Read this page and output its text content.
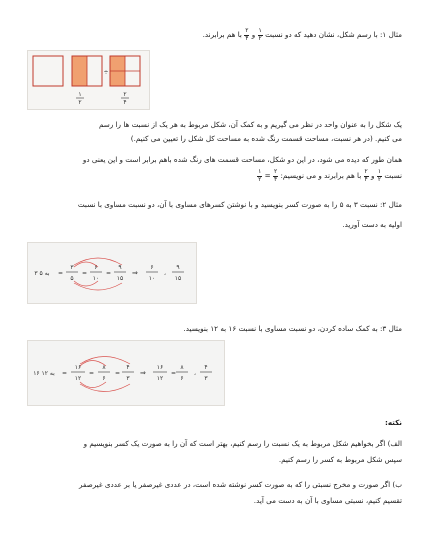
مثال ۱: با رسم شکل، نشان دهید که دو نسبت
$\frac{۱}{۲}$
و
$\frac{۲}{۴}$
با هم برابرند.
÷
۱
۲
۲
۴
یک شکل را به عنوان واحد در نظر می گیریم و به کمک آن، شکل مربوط به هر یک از نسبت ها را رسم
می کنیم. (در هر نسبت، مساحت قسمت رنگ شده به مساحت کل شکل را تعیین می کنیم.)
همان طور که دیده می شود، در این دو شکل، مساحت قسمت های رنگ شده باهم برابر است و این یعنی دو
نسبت
$\frac{۱}{۲}$
و
$\frac{۲}{۴}$
با هم برابرند و می نویسیم:
$\frac{۲}{۴}$
=
$\frac{۱}{۲}$
مثال ۲: نسبت ۳ به ۵ را به صورت کسر بنویسید و با نوشتن کسرهای مساوی با آن، دو نسبت مساوی با نسبت
اولیه به دست آورید.
۳ به ۵ =
۳
۵
=
۶
۱۰
=
۹
۱۵
⇒
۶
۱۰
،
۹
۱۵
مثال ۳: به کمک ساده کردن، دو نسبت مساوی با نسبت ۱۶ به ۱۲ بنویسید.
۱۶ به ۱۲ =
۱۶
۱۲
=
۸
۶
=
۴
۳
⇒
۱۶
۱۲
=
۸
۶
،
۴
۳
نکته:
الف) اگر بخواهیم شکل مربوط به یک نسبت را رسم کنیم، بهتر است که آن را به صورت یک کسر بنویسیم و
سپس شکل مربوط به کسر را رسم کنیم.
ب) اگر صورت و مخرج نسبتی را که به صورت کسر نوشته شده است، در عددی غیرصفر یا بر عددی غیرصفر
تقسیم کنیم، نسبتی مساوی با آن به دست می آید.
